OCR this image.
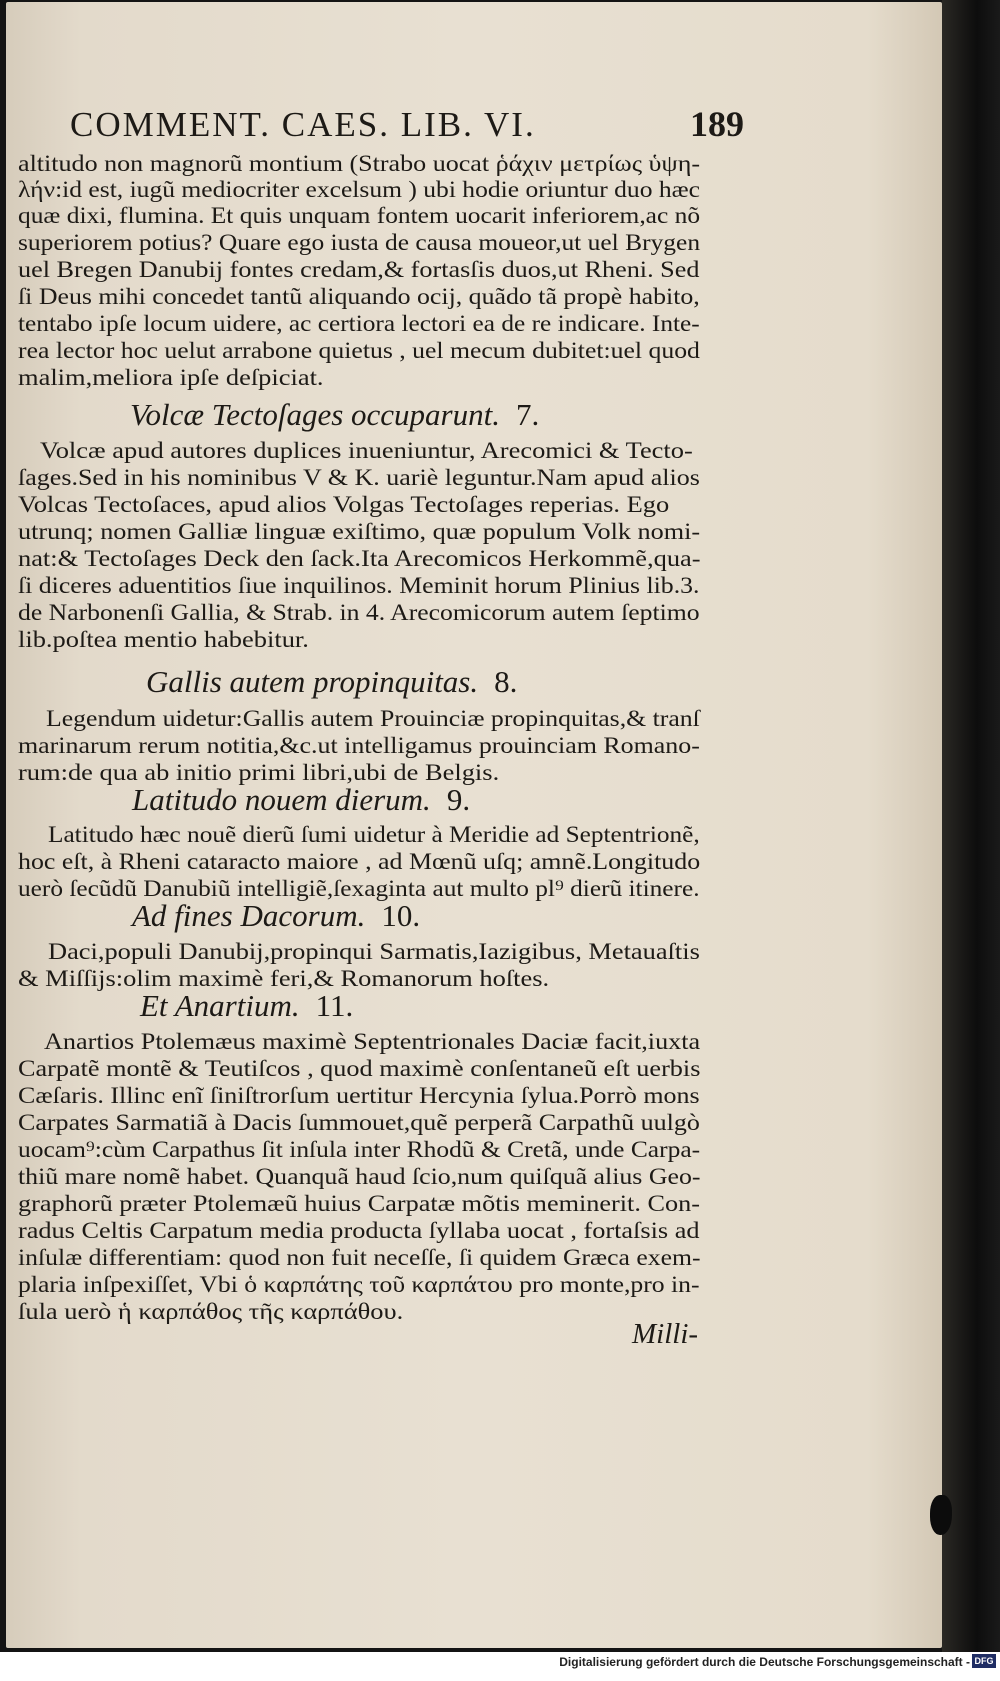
COMMENT. CAES. LIB. VI.	189
altitudo non magnorũ montium (Strabo uocat ῥάχιν μετρίως ὑψη-
λήν:id est, iugũ mediocriter excelsum ) ubi hodie oriuntur duo hæc
quæ dixi, flumina. Et quis unquam fontem uocarit inferiorem,ac nõ
superiorem potius? Quare ego iusta de causa moueor,ut uel Brygen
uel Bregen Danubij fontes credam,& fortasſis duos,ut Rheni. Sed
ſi Deus mihi concedet tantũ aliquando ocij, quãdo tã propè habito,
tentabo ipſe locum uidere, ac certiora lectori ea de re indicare. Inte-
rea lector hoc uelut arrabone quietus , uel mecum dubitet:uel quod
malim,meliora ipſe deſpiciat.
Volcæ Tectoſages occuparunt. 7.
Volcæ apud autores duplices inueniuntur, Arecomici & Tecto-
ſages.Sed in his nominibus V & K. uariè leguntur.Nam apud alios
Volcas Tectoſaces, apud alios Volgas Tectoſages reperias. Ego
utrunq; nomen Galliæ linguæ exiſtimo, quæ populum Volk nomi-
nat:& Tectoſages Deck den ſack.Ita Arecomicos Herkommẽ,qua-
ſi diceres aduentitios ſiue inquilinos. Meminit horum Plinius lib.3.
de Narbonenſi Gallia, & Strab. in 4. Arecomicorum autem ſeptimo
lib.poſtea mentio habebitur.
Gallis autem propinquitas. 8.
Legendum uidetur:Gallis autem Prouinciæ propinquitas,& tranſ
marinarum rerum notitia,&c.ut intelligamus prouinciam Romano-
rum:de qua ab initio primi libri,ubi de Belgis.
Latitudo nouem dierum. 9.
Latitudo hæc nouẽ dierũ ſumi uidetur à Meridie ad Septentrionẽ,
hoc eſt, à Rheni cataracto maiore , ad Mœnũ uſq; amnẽ.Longitudo
uerò ſecũdũ Danubiũ intelligiẽ,ſexaginta aut multo pl⁹ dierũ itinere.
Ad fines Dacorum. 10.
Daci,populi Danubij,propinqui Sarmatis,Iazigibus, Metauaſtis
& Miſſijs:olim maximè feri,& Romanorum hoſtes.
Et Anartium. 11.
Anartios Ptolemæus maximè Septentrionales Daciæ facit,iuxta
Carpatẽ montẽ & Teutiſcos , quod maximè conſentaneũ eſt uerbis
Cæſaris. Illinc enĩ ſiniſtrorſum uertitur Hercynia ſylua.Porrò mons
Carpates Sarmatiã à Dacis ſummouet,quẽ perperã Carpathũ uulgò
uocam⁹:cùm Carpathus ſit inſula inter Rhodũ & Cretã, unde Carpa-
thiũ mare nomẽ habet. Quanquã haud ſcio,num quiſquã alius Geo-
graphorũ præter Ptolemæũ huius Carpatæ mõtis meminerit. Con-
radus Celtis Carpatum media producta ſyllaba uocat , fortaſsis ad
inſulæ differentiam: quod non fuit neceſſe, ſi quidem Græca exem-
plaria inſpexiſſet, Vbi ὁ καρπάτης τοῦ καρπάτου pro monte,pro in-
ſula uerò ἡ καρπάθος τῆς καρπάθου.
Milli-
Digitalisierung gefördert durch die Deutsche Forschungsgemeinschaft - DFG
